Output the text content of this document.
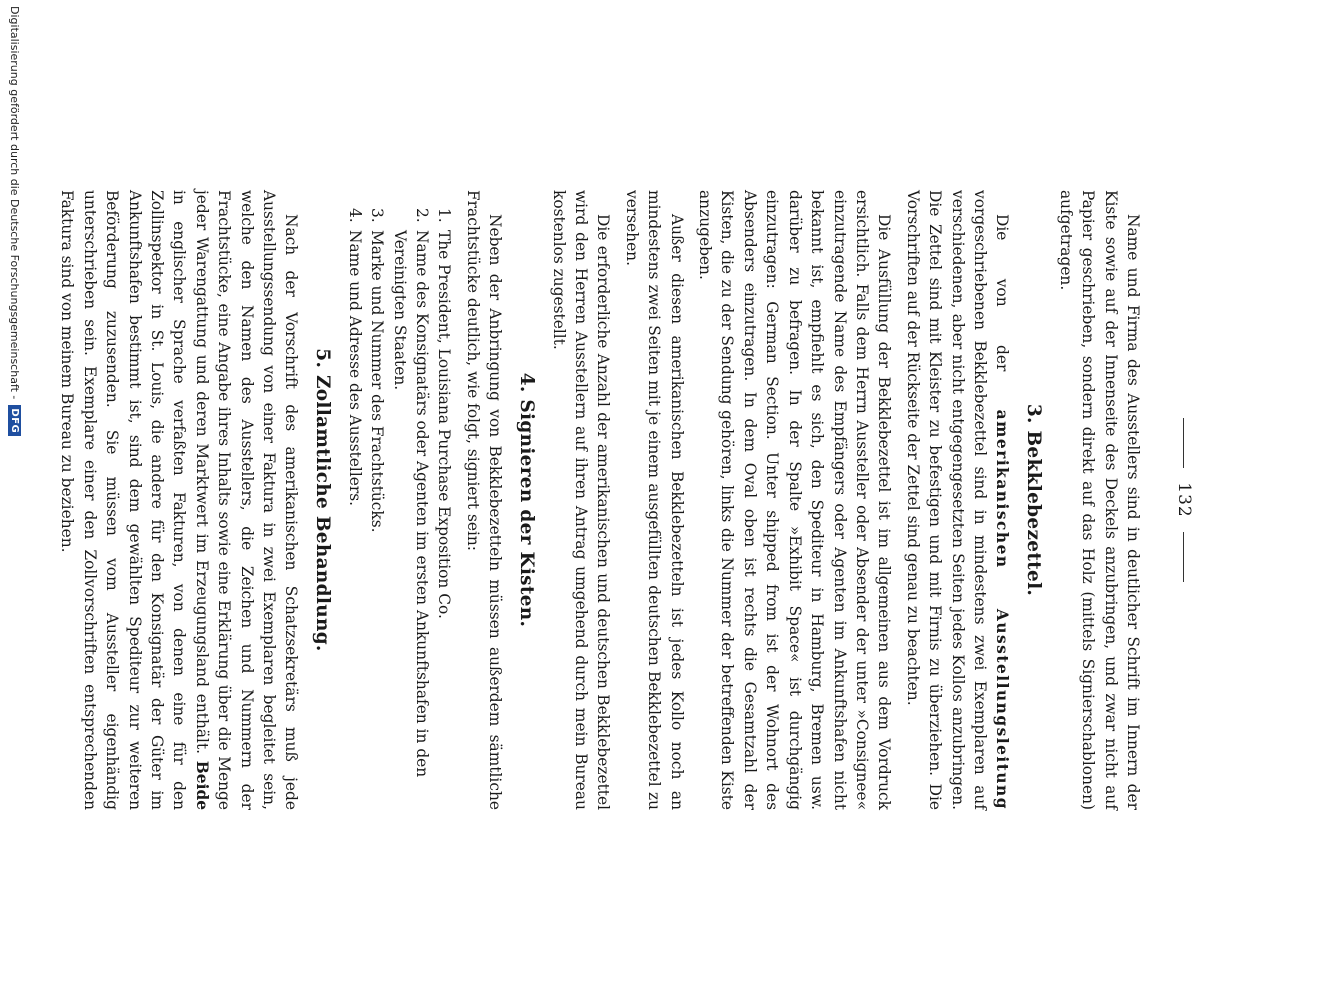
132

Name und Firma des Ausstellers sind in deutlicher Schrift im Innern der Kiste sowie auf der Innenseite des Deckels anzubringen, und zwar nicht auf Papier geschrieben, sondern direkt auf das Holz (mittels Signierschablonen) aufgetragen.

3. Bekklebezettel.

Die von der amerikanischen Ausstellungsleitung vorgeschriebenen Bekklebezettel sind in mindestens zwei Exemplaren auf verschiedenen, aber nicht entgegengesetzten Seiten jedes Kollos anzubringen. Die Zettel sind mit Kleister zu befestigen und mit Firnis zu überziehen. Die Vorschriften auf der Rückseite der Zettel sind genau zu beachten.

Die Ausfüllung der Bekklebezettel ist im allgemeinen aus dem Vordruck ersichtlich. Falls dem Herrn Aussteller oder Absender der unter »Consignee« einzutragende Name des Empfängers oder Agenten im Ankunftshafen nicht bekannt ist, empfiehlt es sich, den Spediteur in Hamburg, Bremen usw. darüber zu befragen. In der Spalte »Exhibit Space« ist durchgängig einzutragen: German Section. Unter shipped from ist der Wohnort des Absenders einzutragen. In dem Oval oben ist rechts die Gesamtzahl der Kisten, die zu der Sendung gehören, links die Nummer der betreffenden Kiste anzugeben.

Außer diesen amerikanischen Bekklebezetteln ist jedes Kollo noch an mindestens zwei Seiten mit je einem ausgefüllten deutschen Bekklebezettel zu versehen.

Die erforderliche Anzahl der amerikanischen und deutschen Bekklebezettel wird den Herren Ausstellern auf ihren Antrag umgehend durch mein Bureau kostenlos zugestellt.

4. Signieren der Kisten.

Neben der Anbringung von Bekklebezetteln müssen außerdem sämtliche Frachtstücke deutlich, wie folgt, signiert sein:

1.The President, Louisiana Purchase Exposition Co.
2.Name des Konsignatärs oder Agenten im ersten Ankunftshafen in den Vereinigten Staaten.
3.Marke und Nummer des Frachtstücks.
4.Name und Adresse des Ausstellers.
5. Zollamtliche Behandlung.

Nach der Vorschrift des amerikanischen Schatzsekretärs muß jede Ausstellungssendung von einer Faktura in zwei Exemplaren begleitet sein, welche den Namen des Ausstellers, die Zeichen und Nummern der Frachtstücke, eine Angabe ihres Inhalts sowie eine Erklärung über die Menge jeder Warengattung und deren Marktwert im Erzeugungsland enthält. Beide in englischer Sprache verfaßten Fakturen, von denen eine für den Zollinspektor in St. Louis, die andere für den Konsignatär der Güter im Ankunftshafen bestimmt ist, sind dem gewählten Spediteur zur weiteren Beförderung zuzusenden. Sie müssen vom Aussteller eigenhändig unterschrieben sein. Exemplare einer den Zollvorschriften entsprechenden Faktura sind von meinem Bureau zu beziehen.

Digitalisierung gefördert durch die Deutsche Forschungsgemeinschaft -
DFG
